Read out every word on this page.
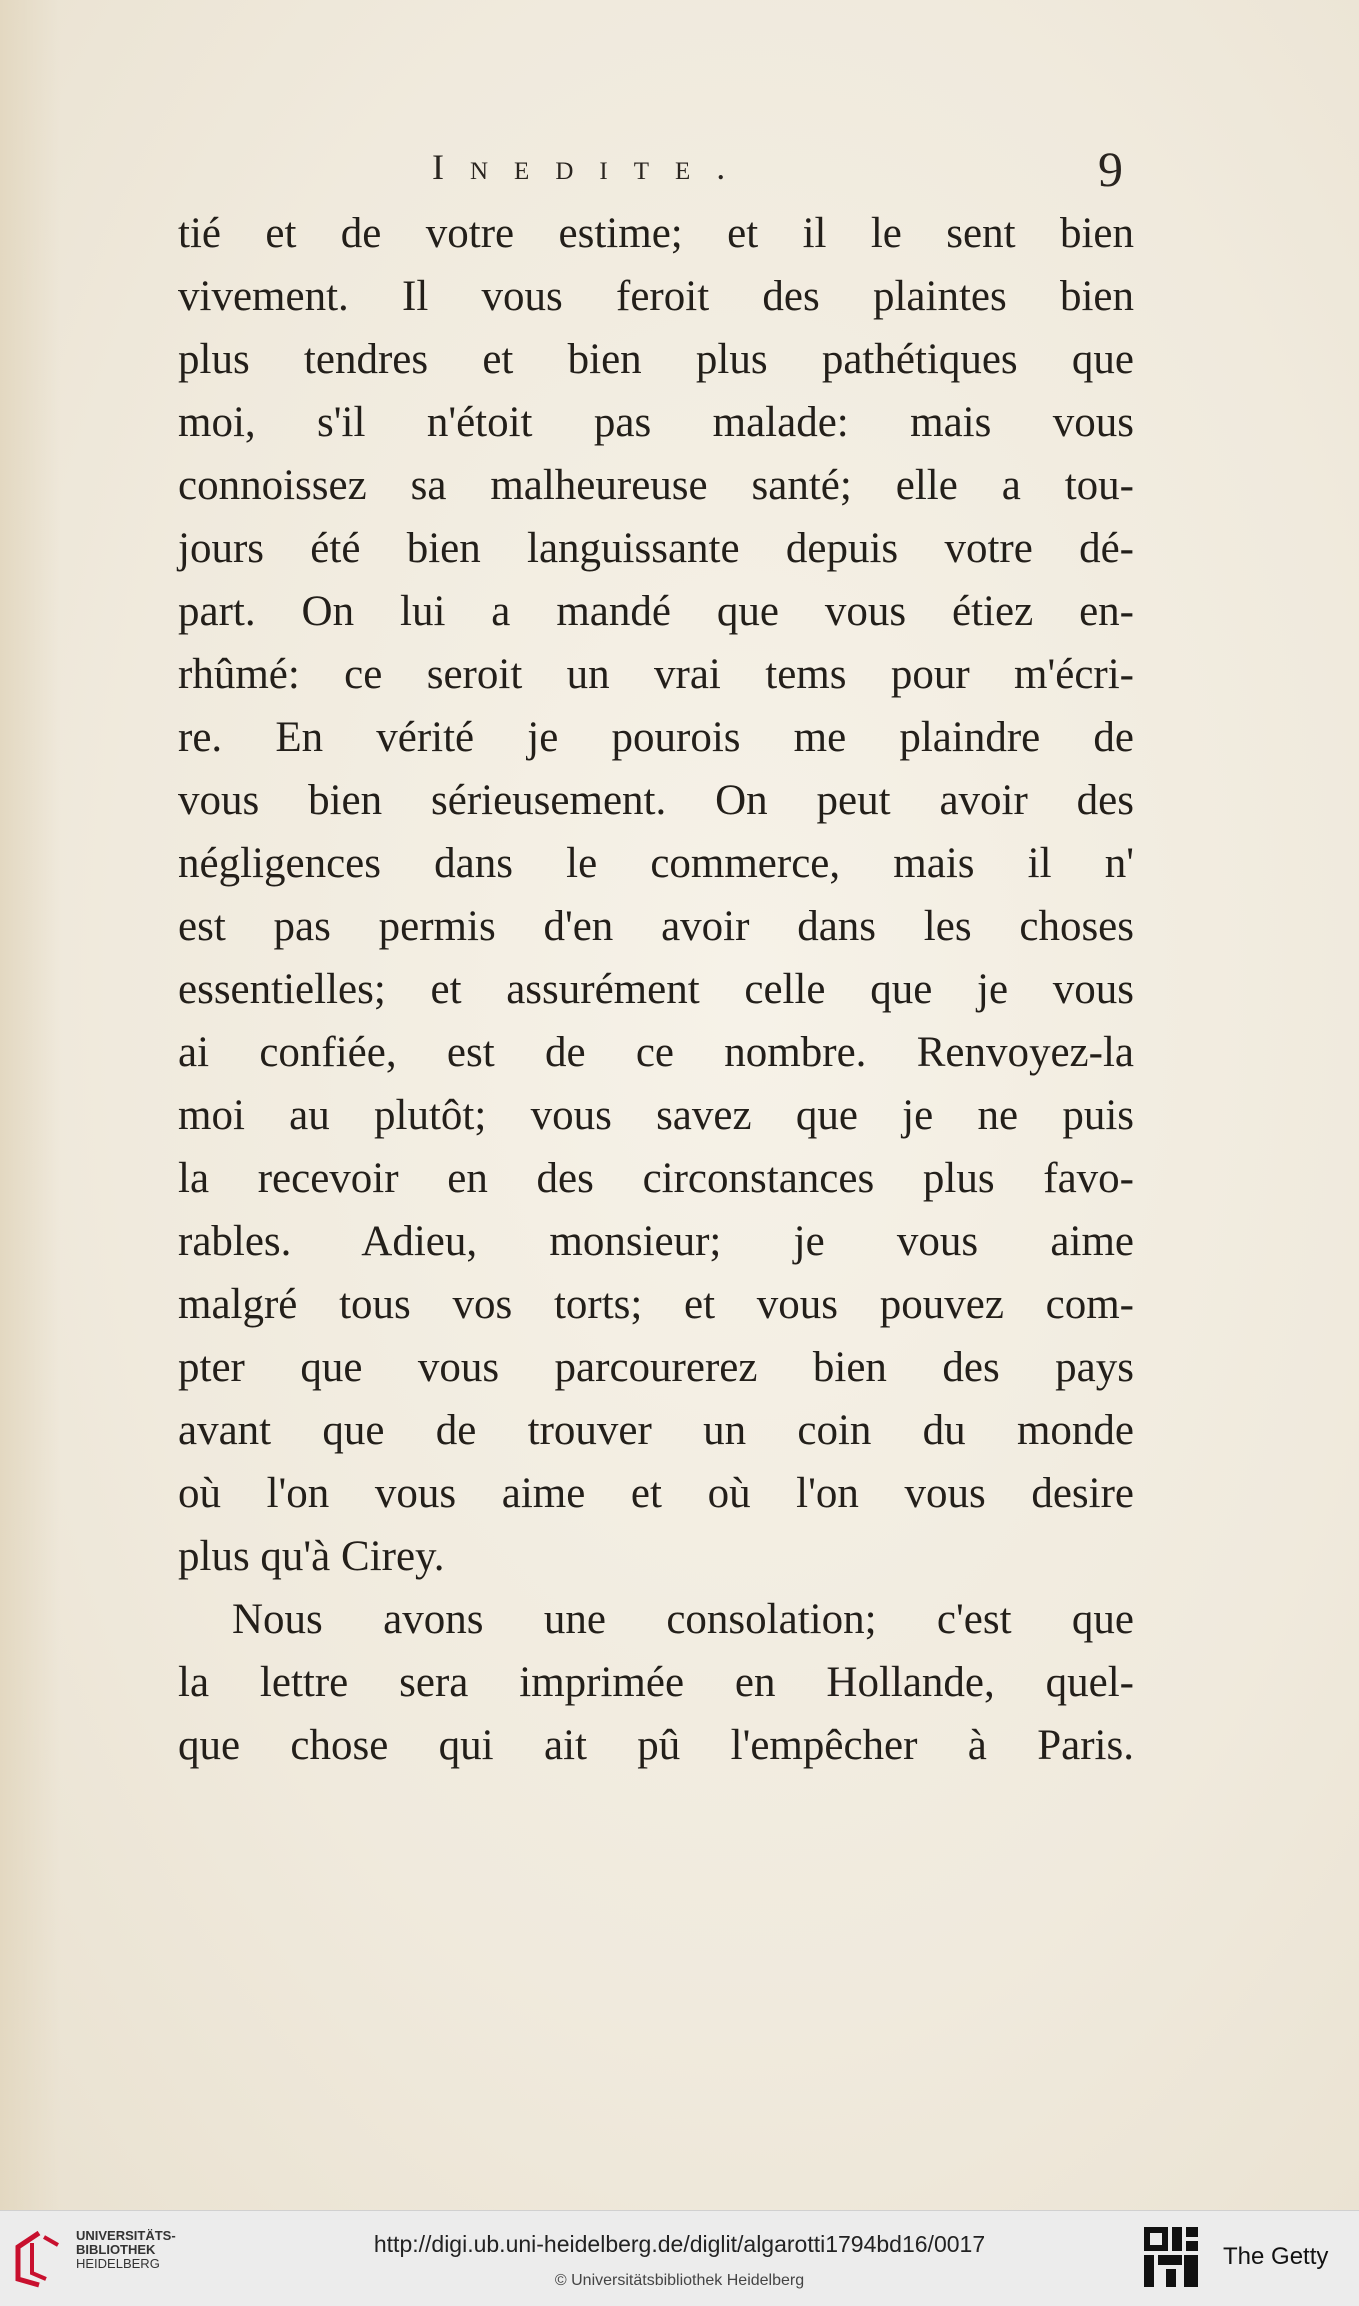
Inedite.	9
tié et de votre estime; et il le sent bien
vivement. Il vous feroit des plaintes bien
plus tendres et bien plus pathétiques que
moi, s'il n'étoit pas malade: mais vous
connoissez sa malheureuse santé; elle a tou-
jours été bien languissante depuis votre dé-
part. On lui a mandé que vous étiez en-
rhûmé: ce seroit un vrai tems pour m'écri-
re. En vérité je pourois me plaindre de
vous bien sérieusement. On peut avoir des
négligences dans le commerce, mais il n'
est pas permis d'en avoir dans les choses
essentielles; et assurément celle que je vous
ai confiée, est de ce nombre. Renvoyez-la
moi au plutôt; vous savez que je ne puis
la recevoir en des circonstances plus favo-
rables. Adieu, monsieur; je vous aime
malgré tous vos torts; et vous pouvez com-
pter que vous parcourerez bien des pays
avant que de trouver un coin du monde
où l'on vous aime et où l'on vous desire
plus qu'à Cirey.
Nous avons une consolation; c'est que
la lettre sera imprimée en Hollande, quel-
que chose qui ait pû l'empêcher à Paris.
UNIVERSITÄTS-
BIBLIOTHEK
HEIDELBERG
http://digi.ub.uni-heidelberg.de/diglit/algarotti1794bd16/0017
© Universitätsbibliothek Heidelberg
The Getty
